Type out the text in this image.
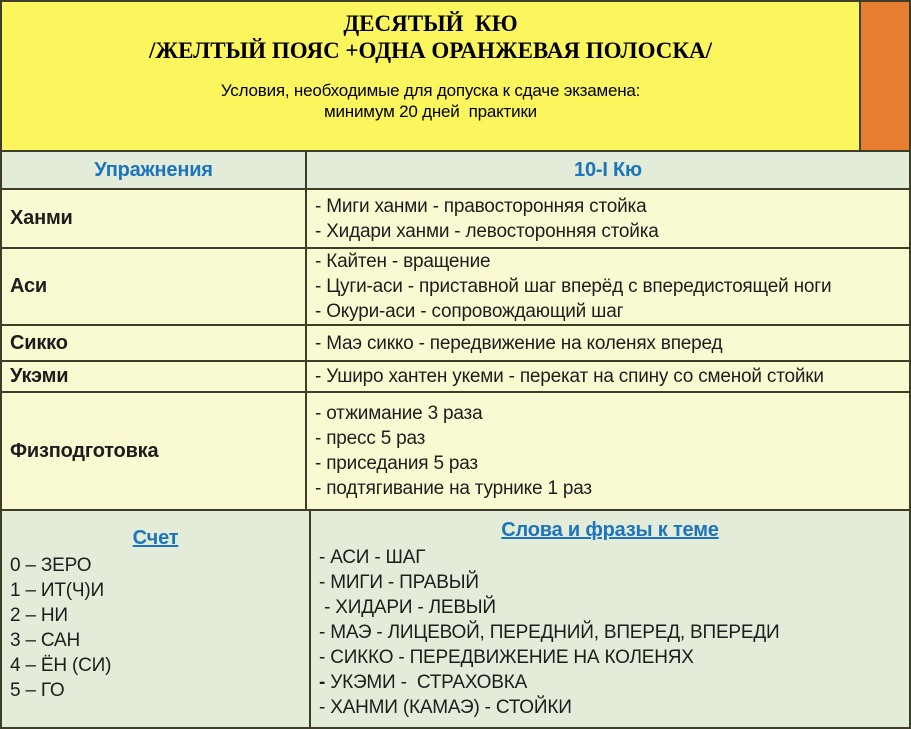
ДЕСЯТЫЙ  КЮ
/ЖЕЛТЫЙ ПОЯС +ОДНА ОРАНЖЕВАЯ ПОЛОСКА/
Условия, необходимые для допуска к сдаче экзамена:
минимум 20 дней  практики
Упражнения	10-I Кю
Ханми
- Миги ханми - правосторонняя стойка
- Хидари ханми - левосторонняя стойка
Аси
- Кайтен - вращение
- Цуги-аси - приставной шаг вперёд с впередистоящей ноги
- Окури-аси - сопровождающий шаг
Сикко	- Маэ сикко - передвижение на коленях вперед
Укэми	- Уширо хантен укеми - перекат на спину со сменой стойки
Физподготовка
- отжимание 3 раза
- пресс 5 раз
- приседания 5 раз
- подтягивание на турнике 1 раз
Счет
0 – ЗЕРО
1 – ИТ(Ч)И
2 – НИ
3 – САН
4 – ЁН (СИ)
5 – ГО
Слова и фразы к теме
- АСИ - ШАГ
- МИГИ - ПРАВЫЙ
- ХИДАРИ - ЛЕВЫЙ
- МАЭ - ЛИЦЕВОЙ, ПЕРЕДНИЙ, ВПЕРЕД, ВПЕРЕДИ
- СИККО - ПЕРЕДВИЖЕНИЕ НА КОЛЕНЯХ
- УКЭМИ -  СТРАХОВКА
- ХАНМИ (КАМАЭ) - СТОЙКИ
